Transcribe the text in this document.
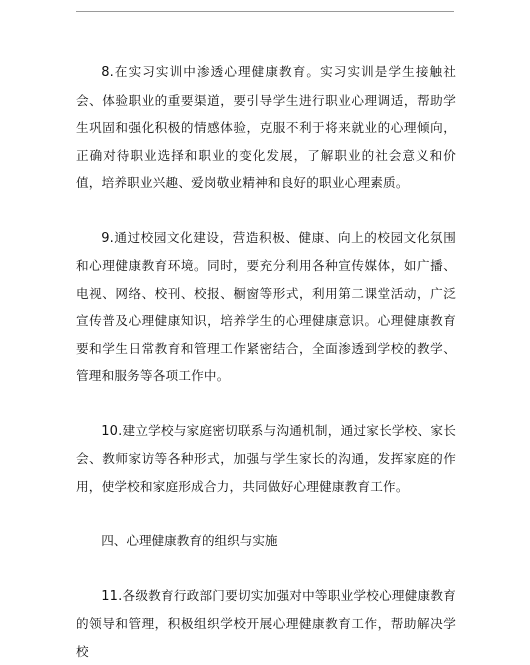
8.在实习实训中渗透心理健康教育。实习实训是学生接触社会、体验职业的重要渠道，要引导学生进行职业心理调适，帮助学生巩固和强化积极的情感体验，克服不利于将来就业的心理倾向，正确对待职业选择和职业的变化发展，了解职业的社会意义和价值，培养职业兴趣、爱岗敬业精神和良好的职业心理素质。

9.通过校园文化建设，营造积极、健康、向上的校园文化氛围和心理健康教育环境。同时，要充分利用各种宣传媒体，如广播、电视、网络、校刊、校报、橱窗等形式，利用第二课堂活动，广泛宣传普及心理健康知识，培养学生的心理健康意识。心理健康教育要和学生日常教育和管理工作紧密结合，全面渗透到学校的教学、管理和服务等各项工作中。

10.建立学校与家庭密切联系与沟通机制，通过家长学校、家长会、教师家访等各种形式，加强与学生家长的沟通，发挥家庭的作用，使学校和家庭形成合力，共同做好心理健康教育工作。

四、心理健康教育的组织与实施

11.各级教育行政部门要切实加强对中等职业学校心理健康教育的领导和管理，积极组织学校开展心理健康教育工作，帮助解决学校
